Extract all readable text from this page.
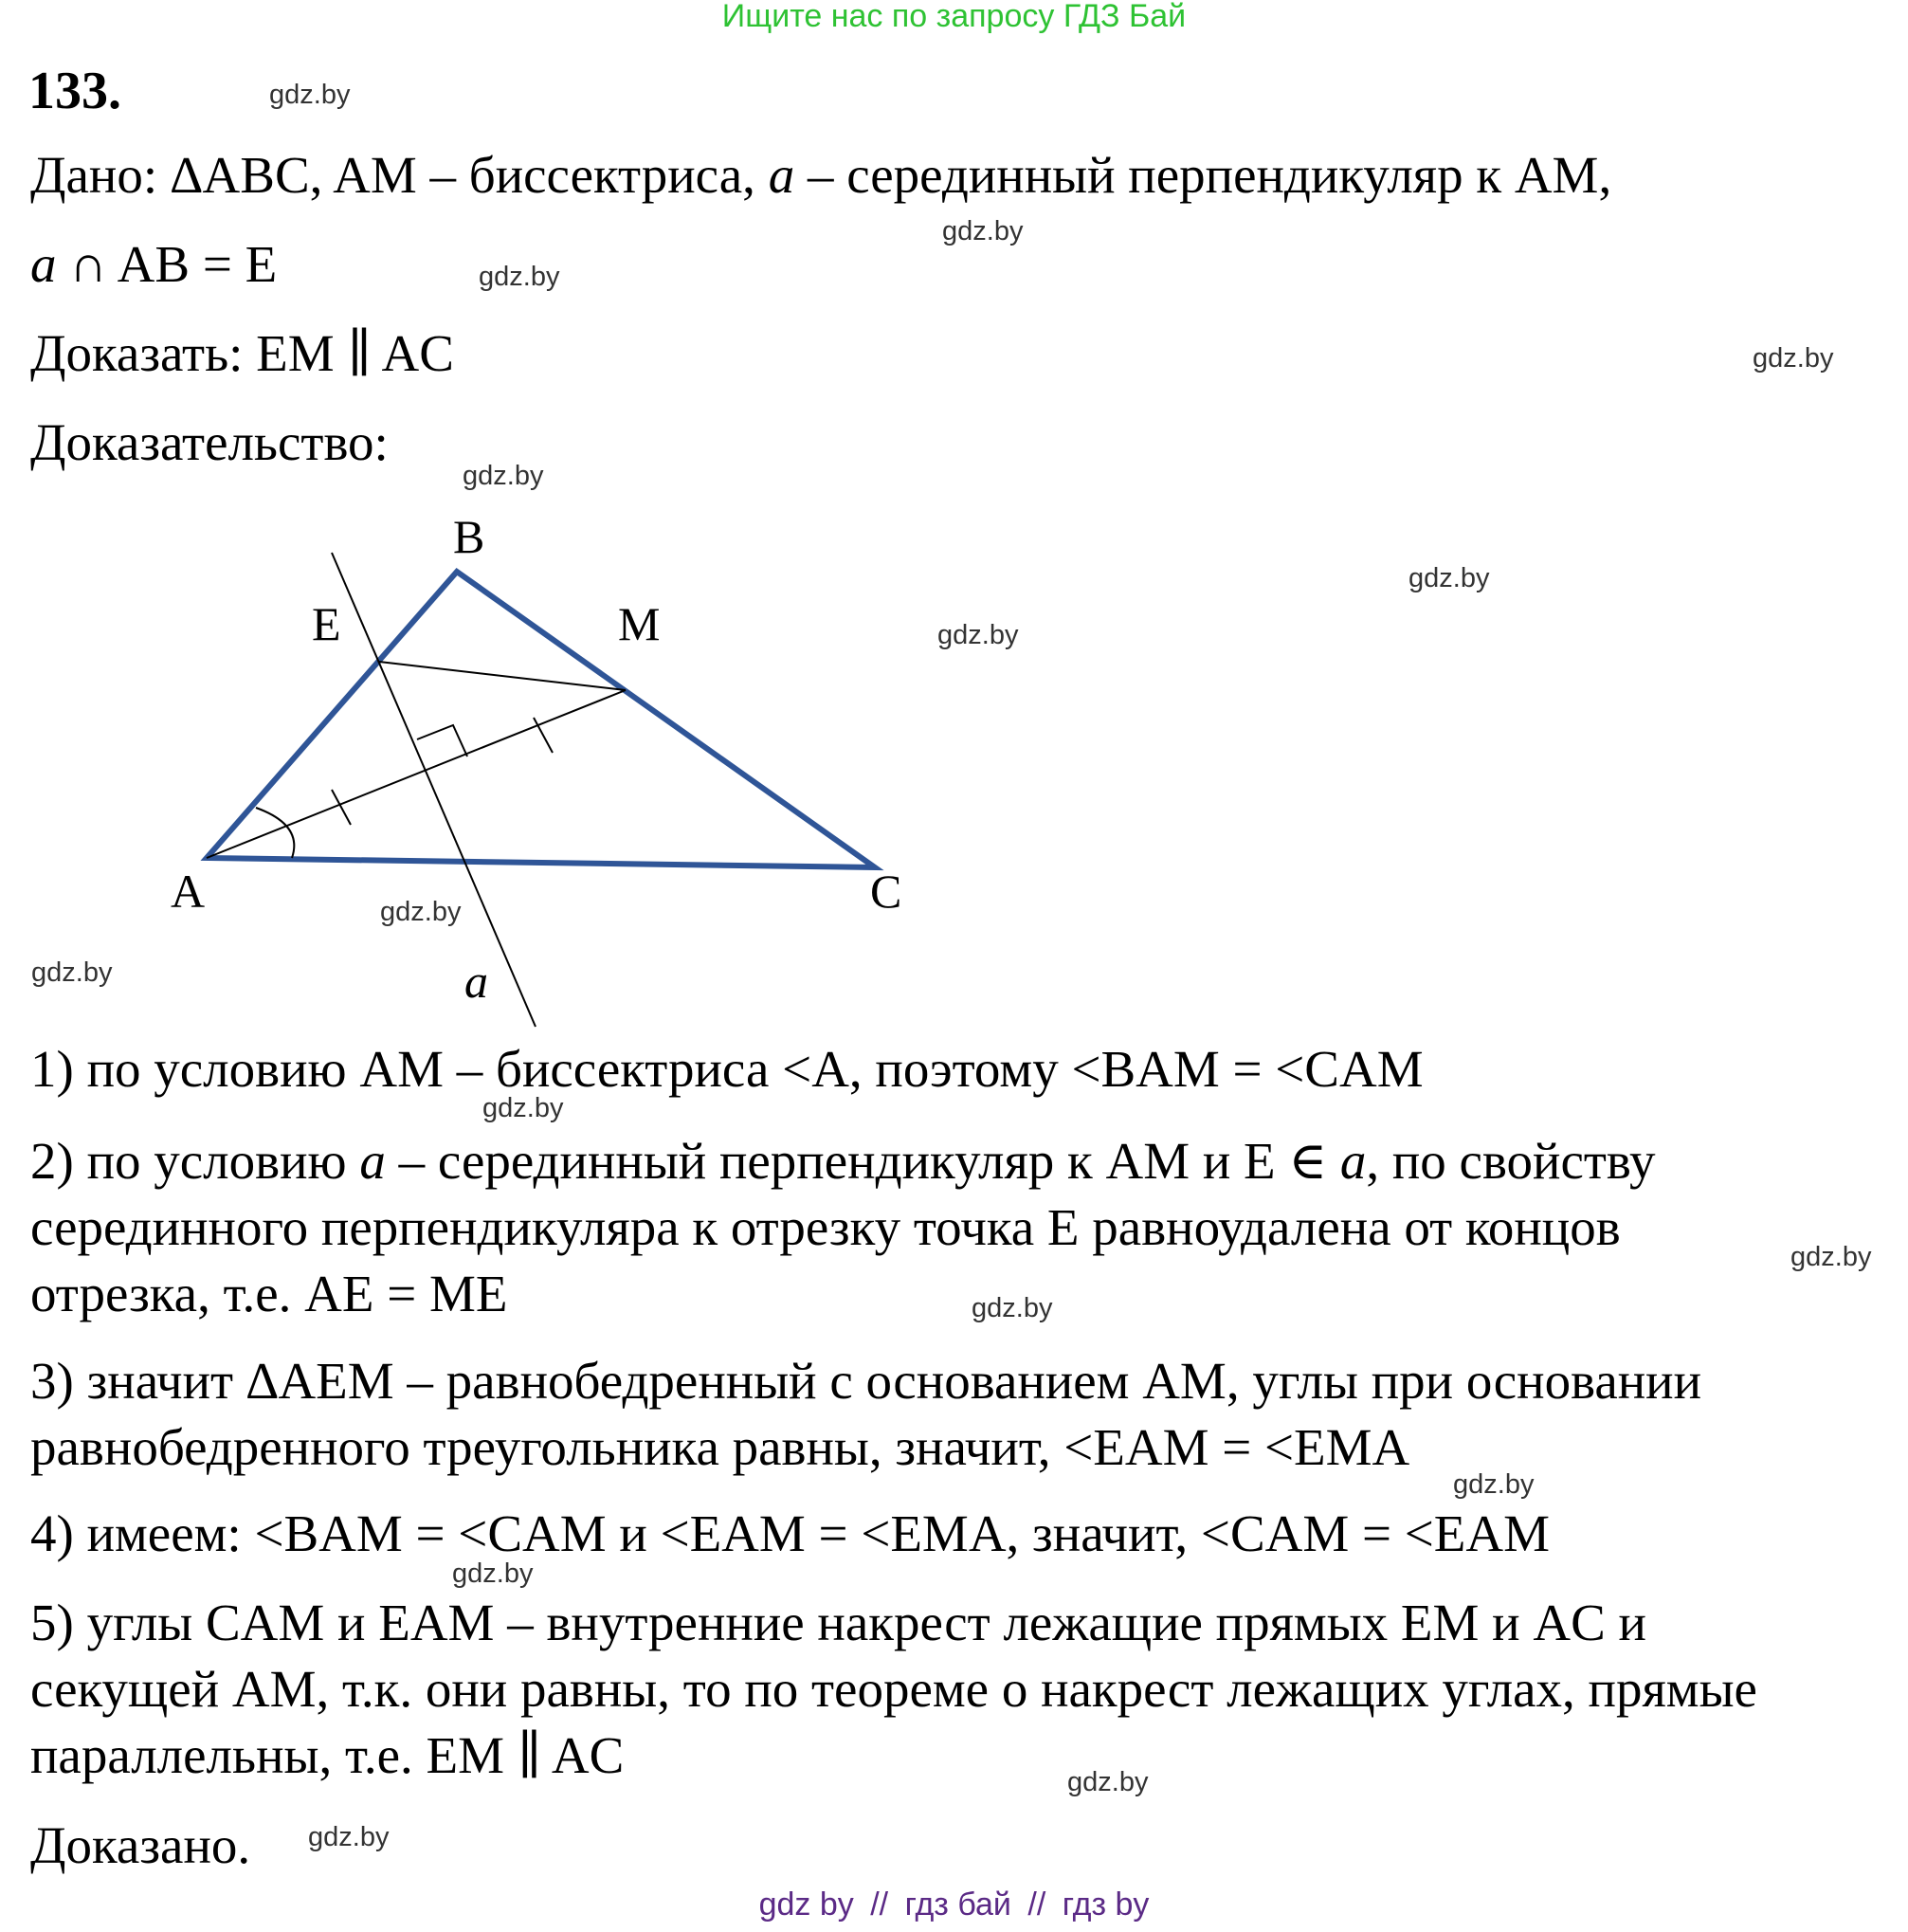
Ищите нас по запросу ГДЗ Бай
133.
Дано: ∆ABC, AM – биссектриса, a – серединный перпендикуляр к AM,
a ∩ AB = E
Доказать: EM ∥ AC
Доказательство:
B
E	M
A	C
a
1) по условию AM – биссектриса <A, поэтому <BAM = <CAM
2) по условию a – серединный перпендикуляр к AM и E ∈ a, по свойству
серединного перпендикуляра к отрезку точка E равноудалена от концов
отрезка, т.е. AE = ME
3) значит ∆AEM – равнобедренный с основанием AM, углы при основании
равнобедренного треугольника равны, значит, <EAM = <EMA
4) имеем: <BAM = <CAM и <EAM = <EMA, значит, <CAM = <EAM
5) углы CAM и EAM – внутренние накрест лежащие прямых EM и AC и
секущей AM, т.к. они равны, то по теореме о накрест лежащих углах, прямые
параллельны, т.е. EM ∥ AC
Доказано.
gdz.by
gdz.by
gdz.by
gdz.by
gdz.by
gdz.by
gdz.by
gdz.by
gdz.by
gdz.by
gdz.by
gdz.by
gdz.by
gdz.by
gdz.by
gdz.by
gdz by // гдз бай // гдз by
